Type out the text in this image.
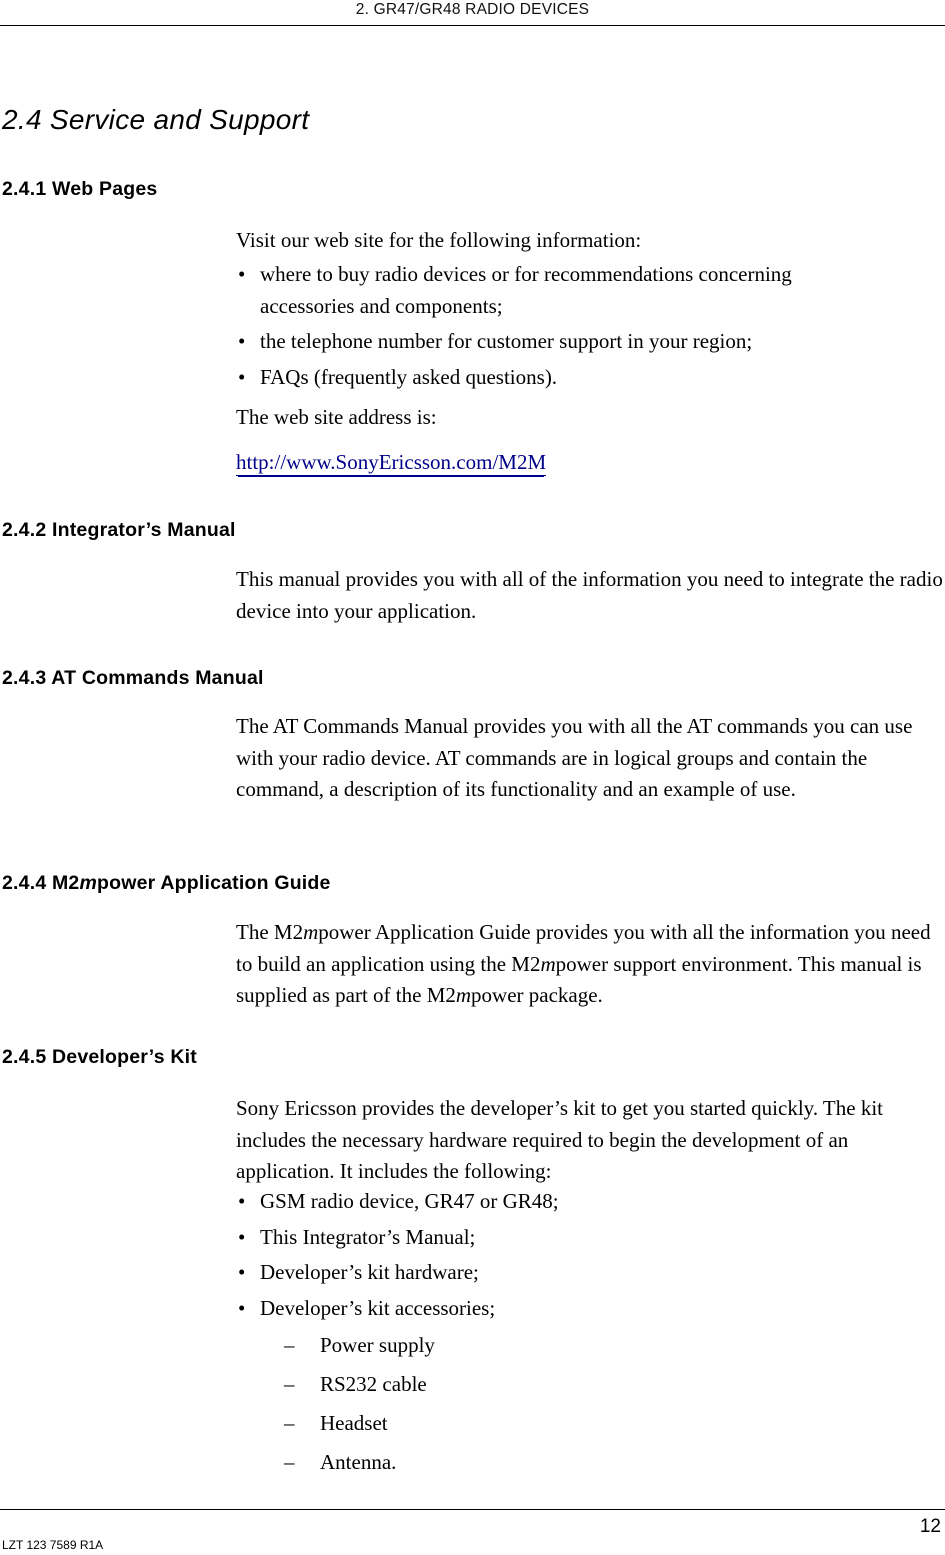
2. GR47/GR48 RADIO DEVICES
2.4 Service and Support
2.4.1 Web Pages

Visit our web site for the following information:

• where to buy radio devices or for recommendations concerning accessories and components;
• the telephone number for customer support in your region;
• FAQs (frequently asked questions).

The web site address is:

http://www.SonyEricsson.com/M2M
2.4.2 Integrator’s Manual

This manual provides you with all of the information you need to integrate the radio device into your application.

2.4.3 AT Commands Manual

The AT Commands Manual provides you with all the AT commands you can use with your radio device. AT commands are in logical groups and contain the command, a description of its functionality and an example of use.

2.4.4 M2mpower Application Guide

The M2mpower Application Guide provides you with all the information you need to build an application using the M2mpower support environment. This manual is supplied as part of the M2mpower package.

2.4.5 Developer’s Kit

Sony Ericsson provides the developer’s kit to get you started quickly. The kit includes the necessary hardware required to begin the development of an application. It includes the following:

• GSM radio device, GR47 or GR48;
• This Integrator’s Manual;
• Developer’s kit hardware;
• Developer’s kit accessories;
– Power supply
– RS232 cable
– Headset
– Antenna.
12
LZT 123 7589 R1A
